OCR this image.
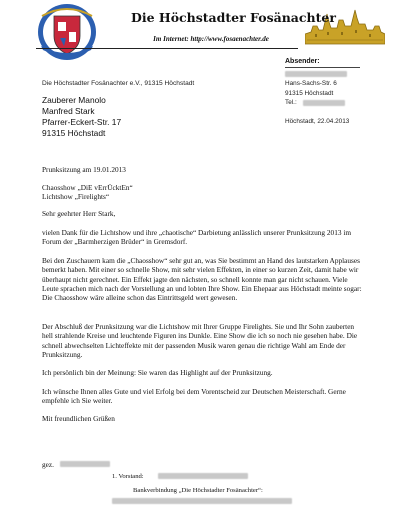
Die Höchstadter Fosänachter
Im Internet: http://www.fosaenachter.de
Absender:
Hans-Sachs-Str. 6
91315 Höchstadt
Tel.:
Höchstadt, 22.04.2013
Die Höchstadter Fosänachter e.V., 91315 Höchstadt
Zauberer Manolo
Manfred Stark
Pfarrer-Eckert-Str. 17
91315 Höchstadt
Prunksitzung am 19.01.2013
Chaosshow „DiE vErrÜcktEn“
Lichtshow „Firelights“
Sehr geehrter Herr Stark,
vielen Dank für die Lichtshow und ihre „chaotische“ Darbietung anlässlich unserer Prunksitzung 2013 im Forum der „Barmherzigen Brüder“ in Gremsdorf.
Bei den Zuschauern kam die „Chaosshow“ sehr gut an, was Sie bestimmt an Hand des lautstarken Applauses bemerkt haben. Mit einer so schnelle Show, mit sehr vielen Effekten, in einer so kurzen Zeit, damit habe wir überhaupt nicht gerechnet. Ein Effekt jagte den nächsten, so schnell konnte man gar nicht schauen. Viele Leute sprachen mich nach der Vorstellung an und lobten Ihre Show. Ein Ehepaar aus Höchstadt meinte sogar: Die Chaosshow wäre alleine schon das Eintrittsgeld wert gewesen.
Der Abschluß der Prunksitzung war die Lichtshow mit Ihrer Gruppe Firelights. Sie und Ihr Sohn zauberten hell strahlende Kreise und leuchtende Figuren ins Dunkle. Eine Show die ich so noch nie gesehen habe. Die schnell abwechselten Lichteffekte mit der passenden Musik waren genau die richtige Wahl am Ende der Prunksitzung.
Ich persönlich bin der Meinung: Sie waren das Highlight auf der Prunksitzung.
Ich wünsche Ihnen alles Gute und viel Erfolg bei dem Vorentscheid zur Deutschen Meisterschaft. Gerne empfehle ich Sie weiter.
Mit freundlichen Grüßen
gez.
1. Vorstand:
Bankverbindung „Die Höchstadter Fosänachter“:
